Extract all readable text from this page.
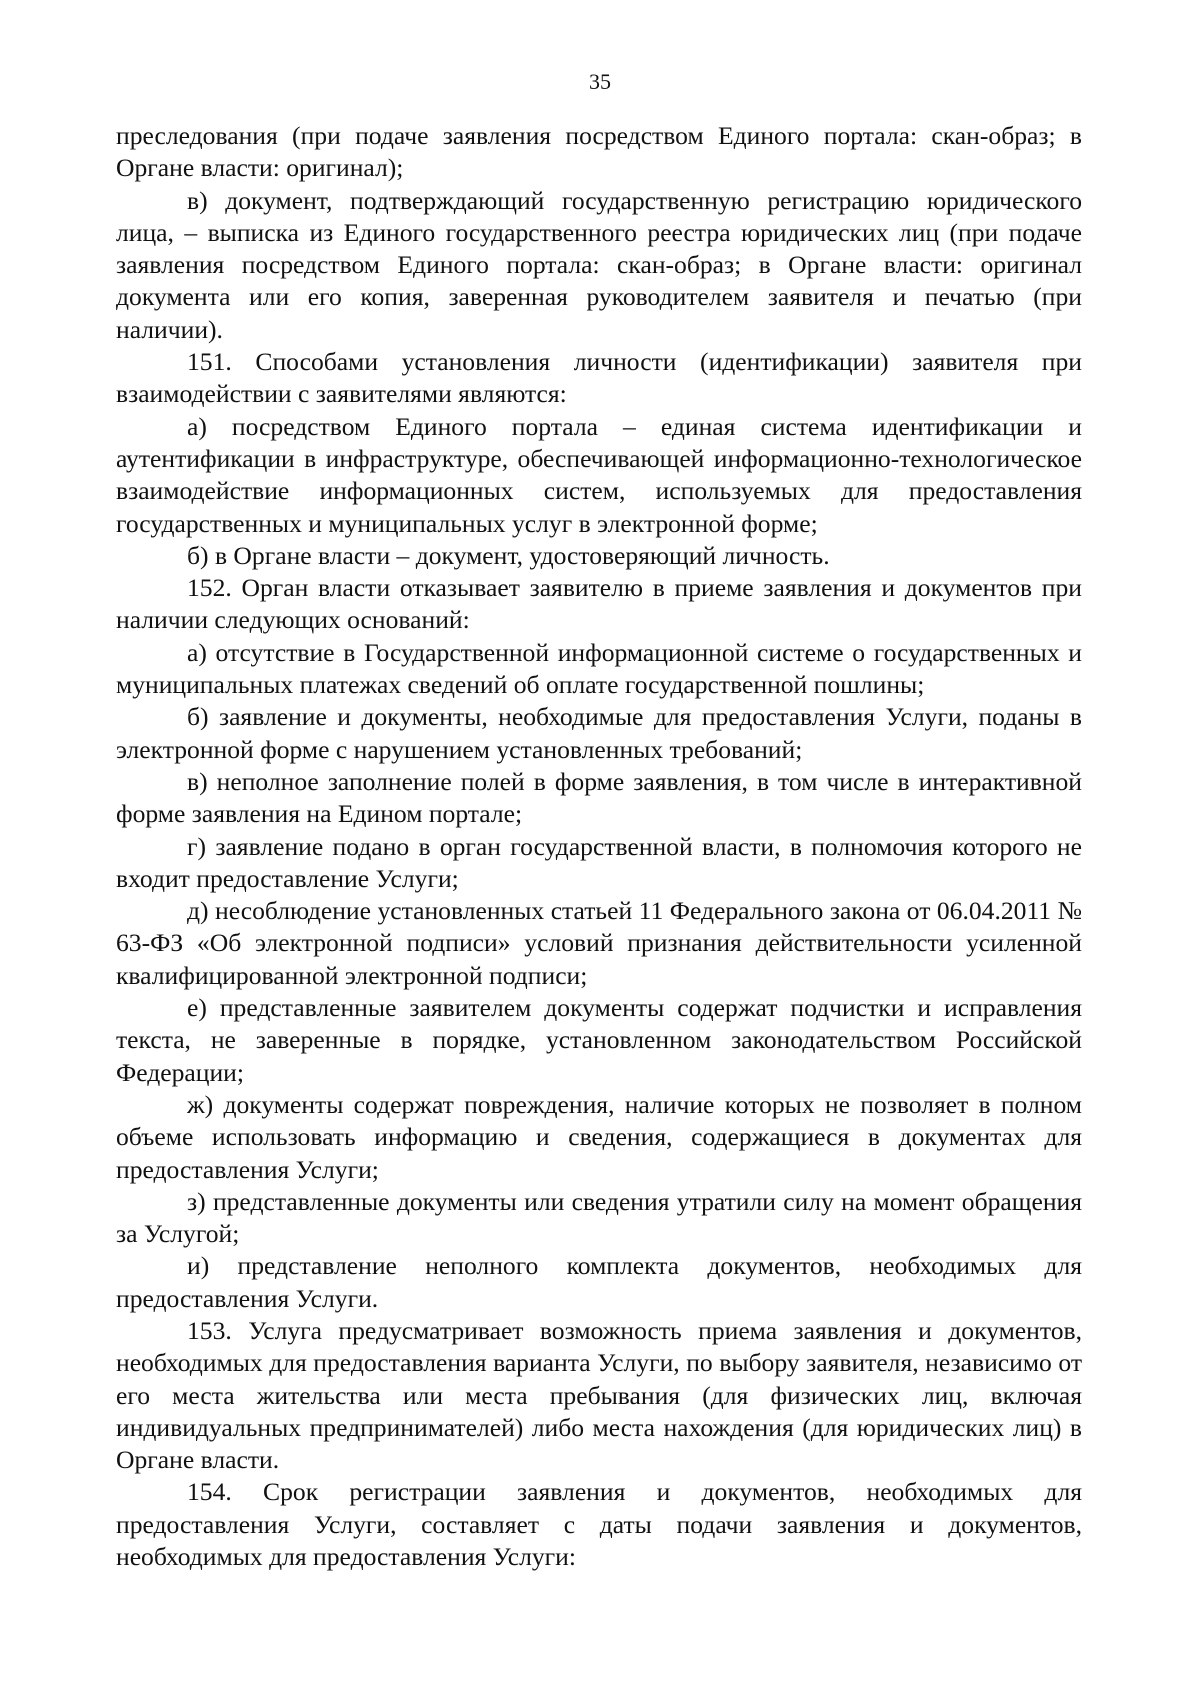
35

преследования (при подаче заявления посредством Единого портала: скан-образ; в Органе власти: оригинал);

в) документ, подтверждающий государственную регистрацию юридического лица, – выписка из Единого государственного реестра юридических лиц (при подаче заявления посредством Единого портала: скан-образ; в Органе власти: оригинал документа или его копия, заверенная руководителем заявителя и печатью (при наличии).

151. Способами установления личности (идентификации) заявителя при взаимодействии с заявителями являются:

а) посредством Единого портала – единая система идентификации и аутентификации в инфраструктуре, обеспечивающей информационно-технологическое взаимодействие информационных систем, используемых для предоставления государственных и муниципальных услуг в электронной форме;

б) в Органе власти – документ, удостоверяющий личность.

152. Орган власти отказывает заявителю в приеме заявления и документов при наличии следующих оснований:

а) отсутствие в Государственной информационной системе о государственных и муниципальных платежах сведений об оплате государственной пошлины;

б) заявление и документы, необходимые для предоставления Услуги, поданы в электронной форме с нарушением установленных требований;

в) неполное заполнение полей в форме заявления, в том числе в интерактивной форме заявления на Едином портале;

г) заявление подано в орган государственной власти, в полномочия которого не входит предоставление Услуги;

д) несоблюдение установленных статьей 11 Федерального закона от 06.04.2011 № 63-ФЗ «Об электронной подписи» условий признания действительности усиленной квалифицированной электронной подписи;

е) представленные заявителем документы содержат подчистки и исправления текста, не заверенные в порядке, установленном законодательством Российской Федерации;

ж) документы содержат повреждения, наличие которых не позволяет в полном объеме использовать информацию и сведения, содержащиеся в документах для предоставления Услуги;

з) представленные документы или сведения утратили силу на момент обращения за Услугой;

и) представление неполного комплекта документов, необходимых для предоставления Услуги.

153. Услуга предусматривает возможность приема заявления и документов, необходимых для предоставления варианта Услуги, по выбору заявителя, независимо от его места жительства или места пребывания (для физических лиц, включая индивидуальных предпринимателей) либо места нахождения (для юридических лиц) в Органе власти.

154. Срок регистрации заявления и документов, необходимых для предоставления Услуги, составляет с даты подачи заявления и документов, необходимых для предоставления Услуги:
